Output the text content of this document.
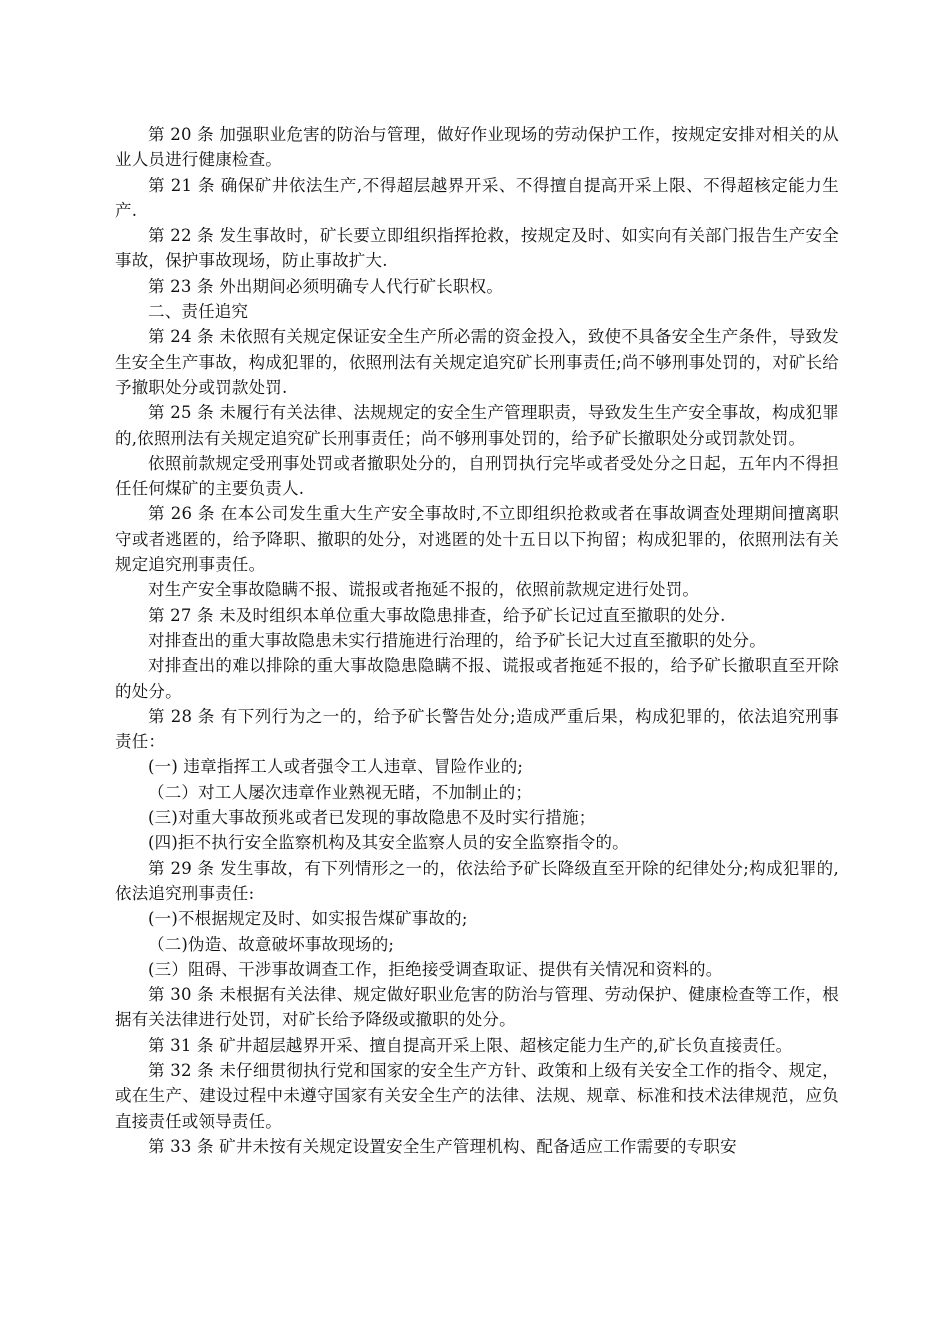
第 20 条 加强职业危害的防治与管理，做好作业现场的劳动保护工作，按规定安排对相关的从业人员进行健康检查。

第 21 条 确保矿井依法生产,不得超层越界开采、不得擅自提高开采上限、不得超核定能力生产.

第 22 条 发生事故时，矿长要立即组织指挥抢救，按规定及时、如实向有关部门报告生产安全事故，保护事故现场，防止事故扩大.

第 23 条 外出期间必须明确专人代行矿长职权。

二、责任追究

第 24 条 未依照有关规定保证安全生产所必需的资金投入，致使不具备安全生产条件，导致发生安全生产事故，构成犯罪的，依照刑法有关规定追究矿长刑事责任;尚不够刑事处罚的，对矿长给予撤职处分或罚款处罚.

第 25 条 未履行有关法律、法规规定的安全生产管理职责，导致发生生产安全事故，构成犯罪的,依照刑法有关规定追究矿长刑事责任；尚不够刑事处罚的，给予矿长撤职处分或罚款处罚。

依照前款规定受刑事处罚或者撤职处分的，自刑罚执行完毕或者受处分之日起，五年内不得担任任何煤矿的主要负责人.

第 26 条 在本公司发生重大生产安全事故时,不立即组织抢救或者在事故调查处理期间擅离职守或者逃匿的，给予降职、撤职的处分，对逃匿的处十五日以下拘留；构成犯罪的，依照刑法有关规定追究刑事责任。

对生产安全事故隐瞒不报、谎报或者拖延不报的，依照前款规定进行处罚。

第 27 条 未及时组织本单位重大事故隐患排查，给予矿长记过直至撤职的处分.

对排查出的重大事故隐患未实行措施进行治理的，给予矿长记大过直至撤职的处分。

对排查出的难以排除的重大事故隐患隐瞒不报、谎报或者拖延不报的，给予矿长撤职直至开除的处分。

第 28 条 有下列行为之一的，给予矿长警告处分;造成严重后果，构成犯罪的，依法追究刑事责任：

(一) 违章指挥工人或者强令工人违章、冒险作业的;

（二）对工人屡次违章作业熟视无睹，不加制止的；

(三)对重大事故预兆或者已发现的事故隐患不及时实行措施；

(四)拒不执行安全监察机构及其安全监察人员的安全监察指令的。

第 29 条 发生事故，有下列情形之一的，依法给予矿长降级直至开除的纪律处分;构成犯罪的,依法追究刑事责任:

(一)不根据规定及时、如实报告煤矿事故的;

（二)伪造、故意破坏事故现场的;

(三）阻碍、干涉事故调查工作，拒绝接受调查取证、提供有关情况和资料的。

第 30 条 未根据有关法律、规定做好职业危害的防治与管理、劳动保护、健康检查等工作，根据有关法律进行处罚，对矿长给予降级或撤职的处分。

第 31 条 矿井超层越界开采、擅自提高开采上限、超核定能力生产的,矿长负直接责任。

第 32 条 未仔细贯彻执行党和国家的安全生产方针、政策和上级有关安全工作的指令、规定，或在生产、建设过程中未遵守国家有关安全生产的法律、法规、规章、标准和技术法律规范，应负直接责任或领导责任。

第 33 条 矿井未按有关规定设置安全生产管理机构、配备适应工作需要的专职安
